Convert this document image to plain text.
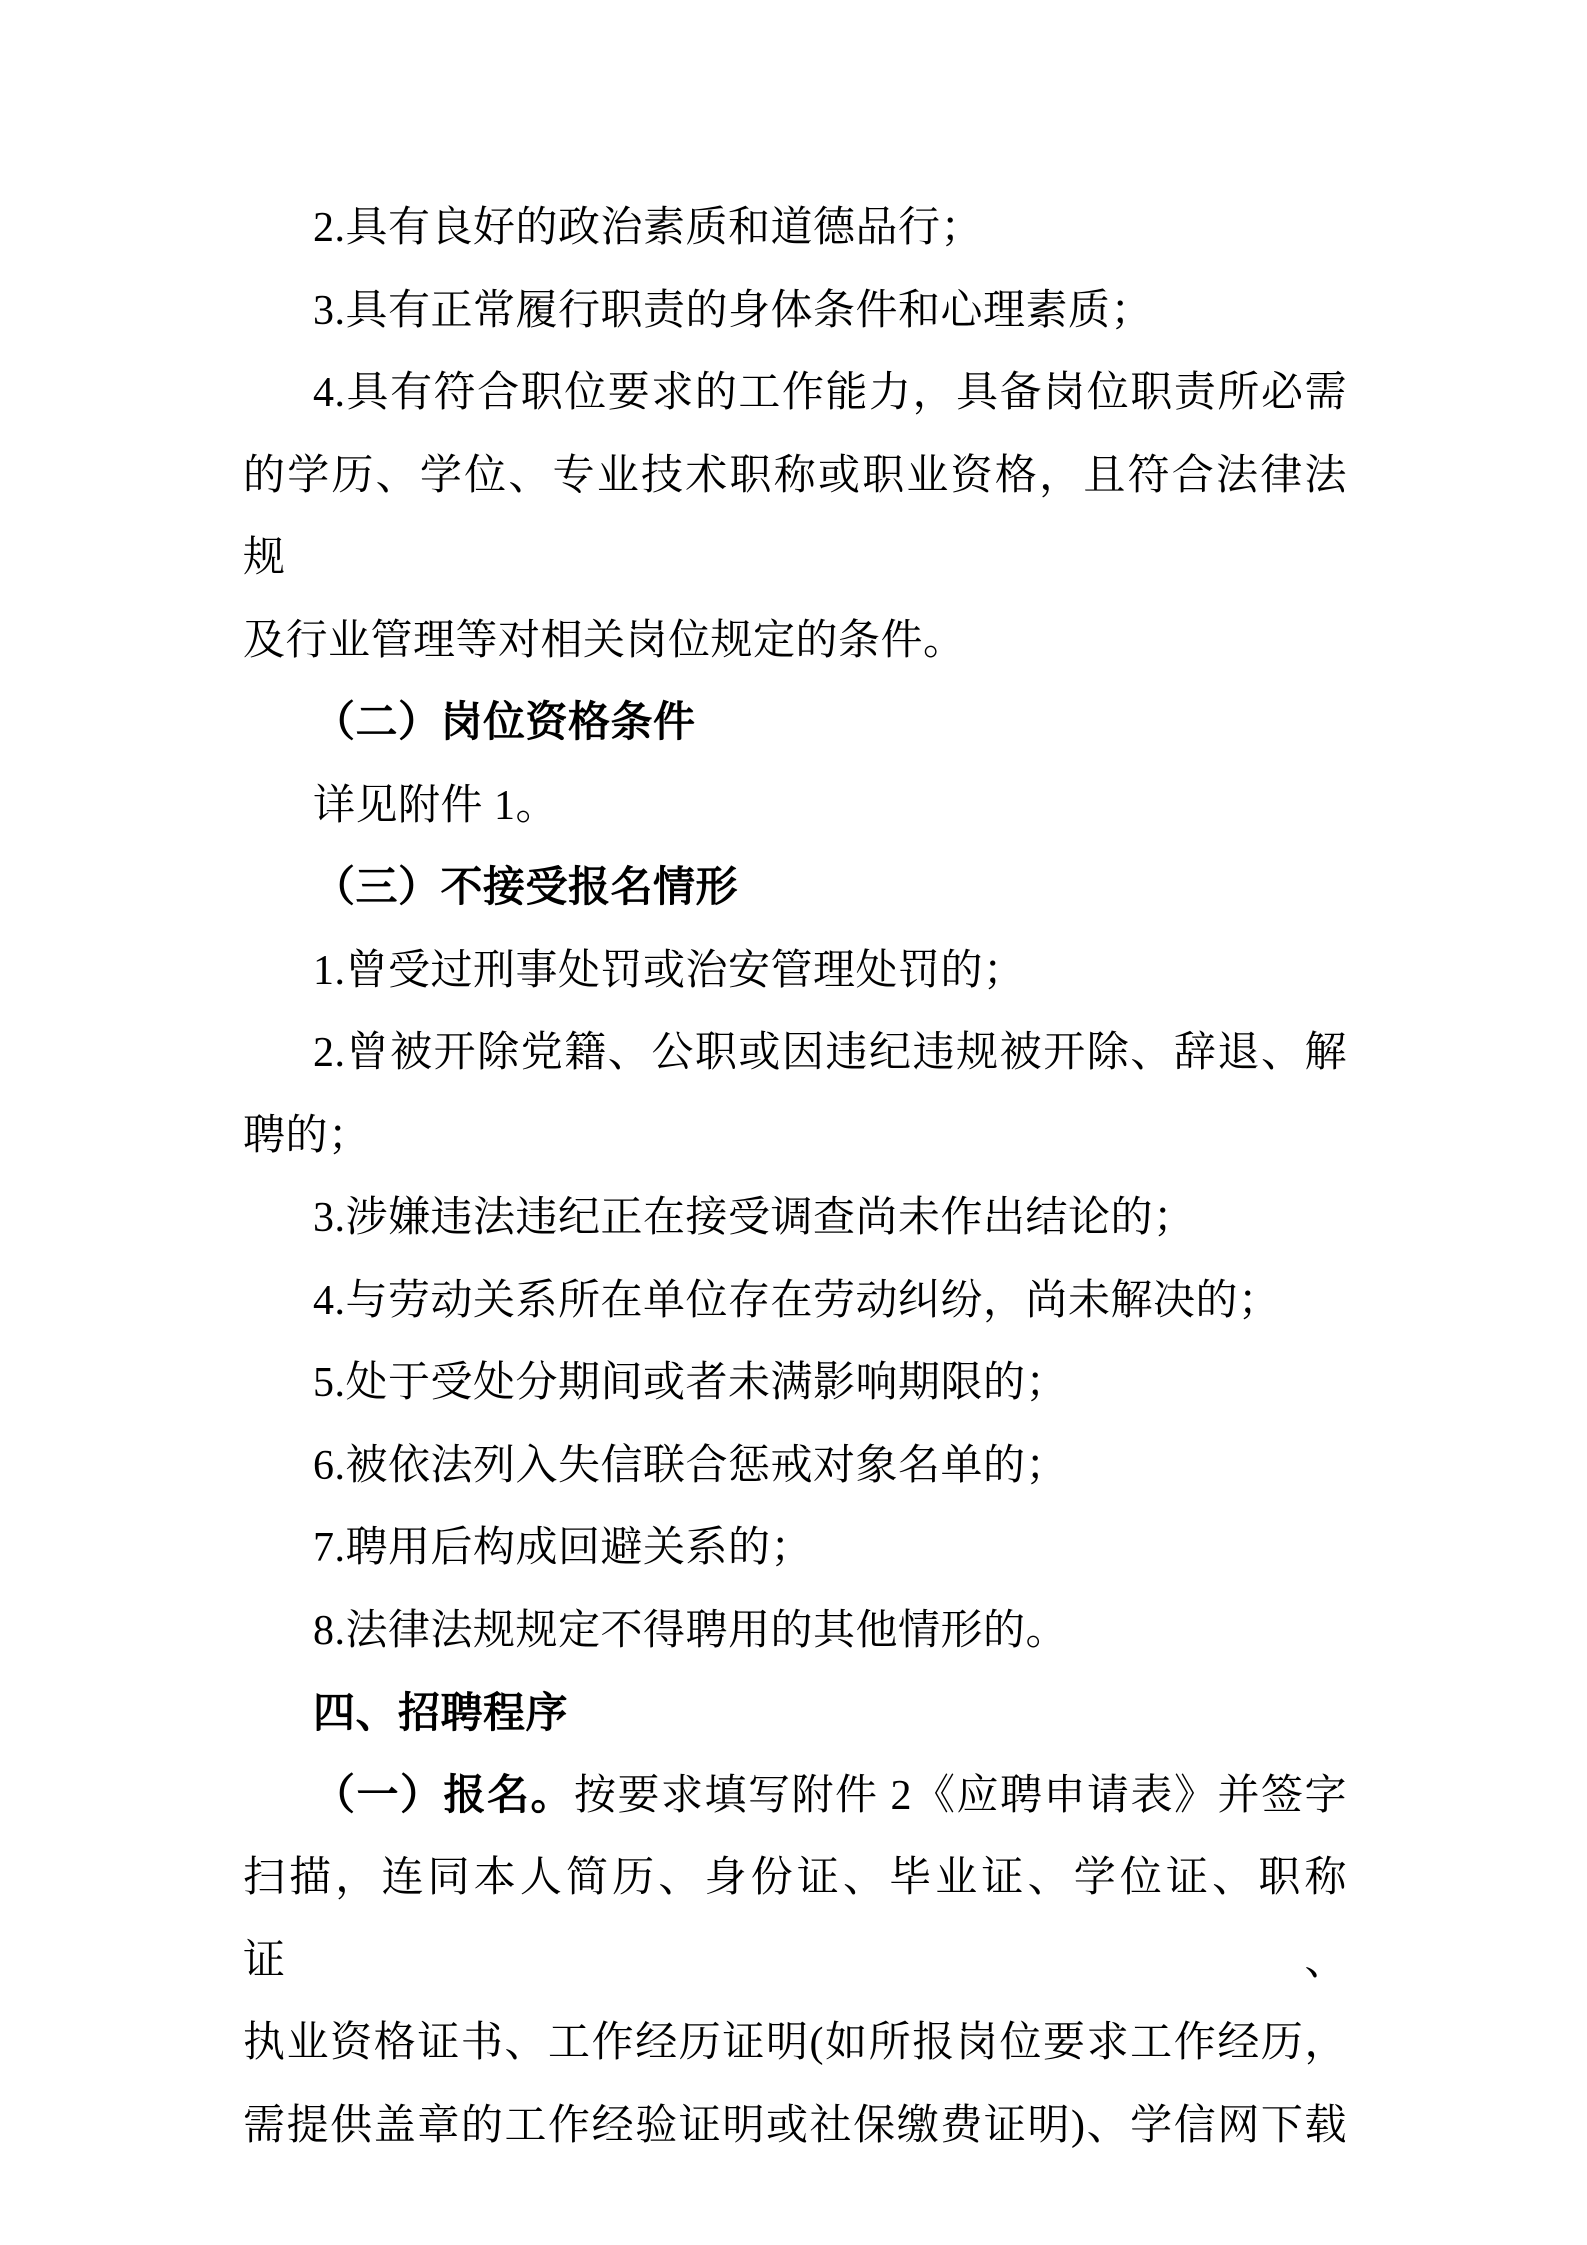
2.具有良好的政治素质和道德品行；
3.具有正常履行职责的身体条件和心理素质；
4.具有符合职位要求的工作能力，具备岗位职责所必需
的学历、学位、专业技术职称或职业资格，且符合法律法规
及行业管理等对相关岗位规定的条件。
（二）岗位资格条件
详见附件 1。
（三）不接受报名情形
1.曾受过刑事处罚或治安管理处罚的；
2.曾被开除党籍、公职或因违纪违规被开除、辞退、解
聘的；
3.涉嫌违法违纪正在接受调查尚未作出结论的；
4.与劳动关系所在单位存在劳动纠纷，尚未解决的；
5.处于受处分期间或者未满影响期限的；
6.被依法列入失信联合惩戒对象名单的；
7.聘用后构成回避关系的；
8.法律法规规定不得聘用的其他情形的。
四、招聘程序
（一）报名。按要求填写附件 2《应聘申请表》并签字
扫描，连同本人简历、身份证、毕业证、学位证、职称证、
执业资格证书、工作经历证明(如所报岗位要求工作经历，
需提供盖章的工作经验证明或社保缴费证明)、学信网下载
